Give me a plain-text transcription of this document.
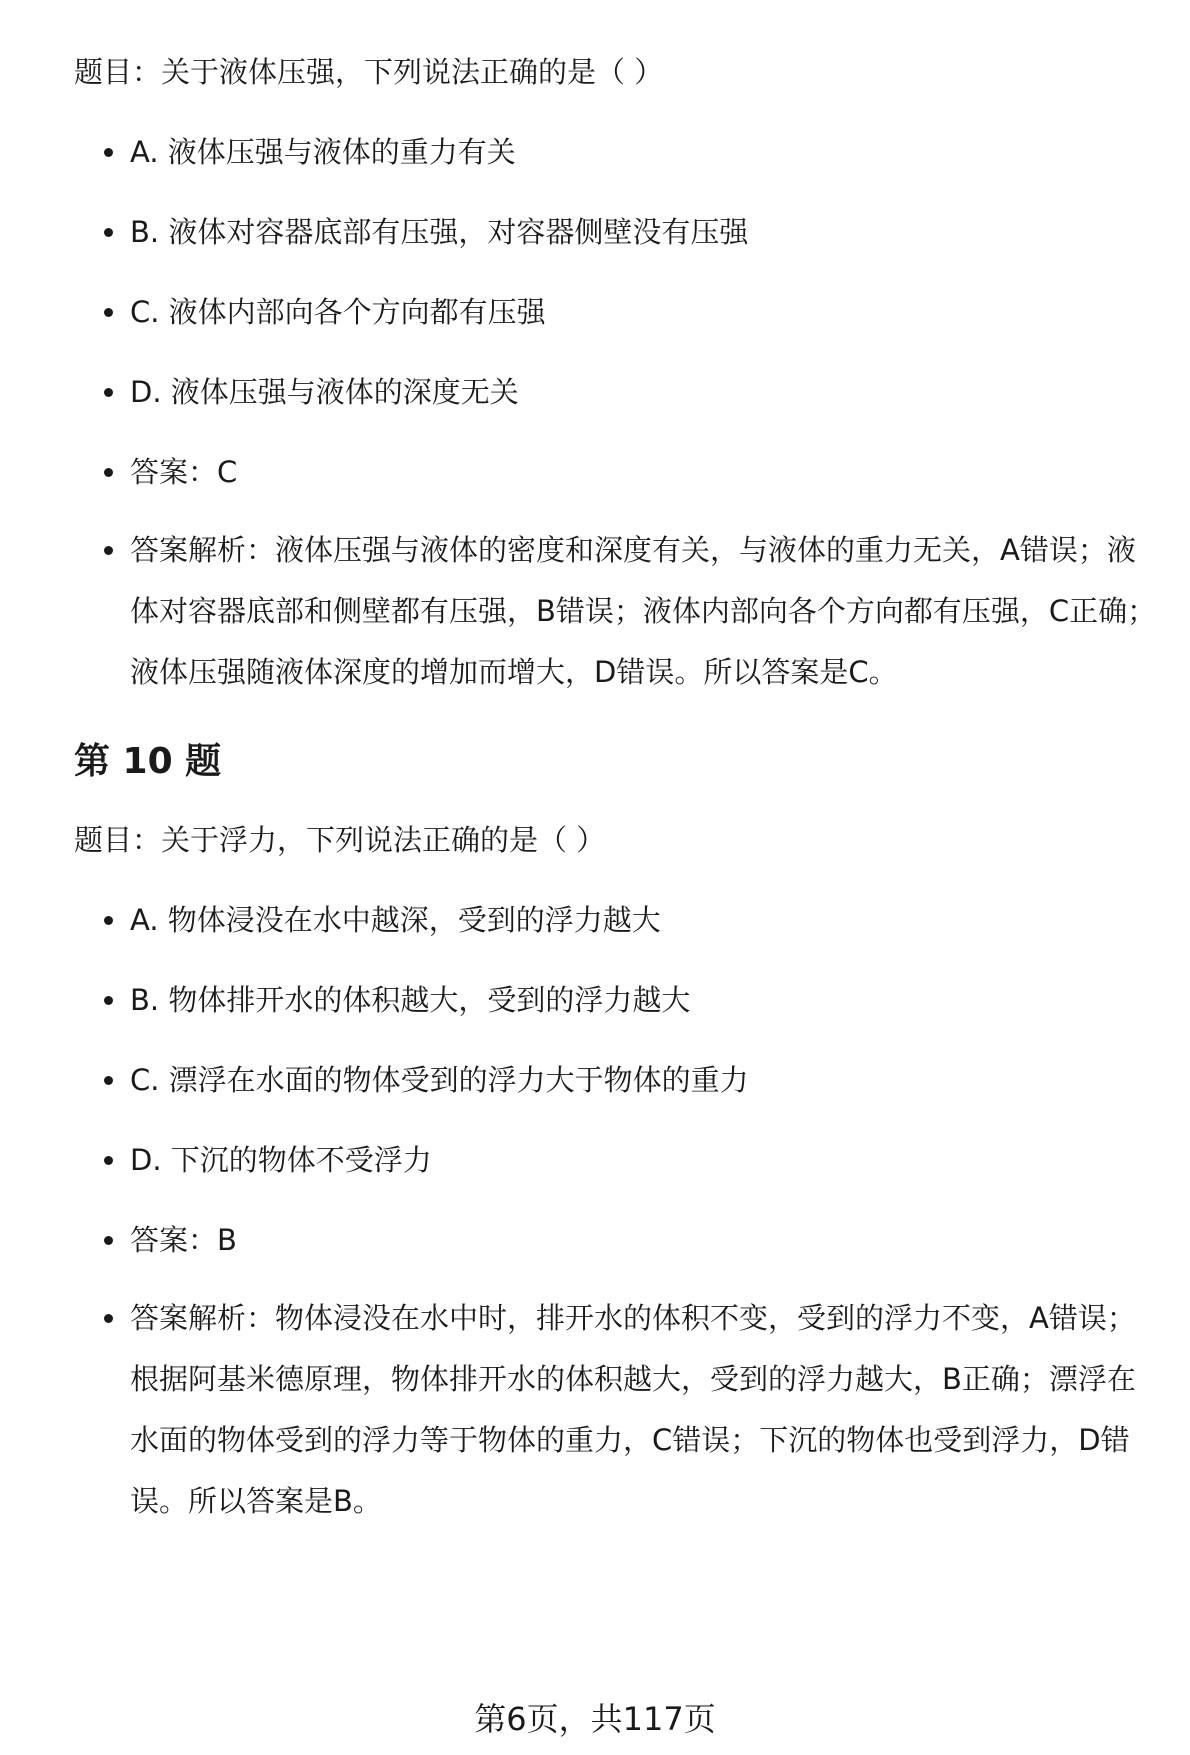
题目：关于液体压强，下列说法正确的是（ ）
A. 液体压强与液体的重力有关
B. 液体对容器底部有压强，对容器侧壁没有压强
C. 液体内部向各个方向都有压强
D. 液体压强与液体的深度无关
答案：C
答案解析：液体压强与液体的密度和深度有关，与液体的重力无关，A错误；液体对容器底部和侧壁都有压强，B错误；液体内部向各个方向都有压强，C正确；液体压强随液体深度的增加而增大，D错误。所以答案是C。
第 10 题
题目：关于浮力，下列说法正确的是（ ）
A. 物体浸没在水中越深，受到的浮力越大
B. 物体排开水的体积越大，受到的浮力越大
C. 漂浮在水面的物体受到的浮力大于物体的重力
D. 下沉的物体不受浮力
答案：B
答案解析：物体浸没在水中时，排开水的体积不变，受到的浮力不变，A错误；根据阿基米德原理，物体排开水的体积越大，受到的浮力越大，B正确；漂浮在水面的物体受到的浮力等于物体的重力，C错误；下沉的物体也受到浮力，D错误。所以答案是B。
第6页，共117页
